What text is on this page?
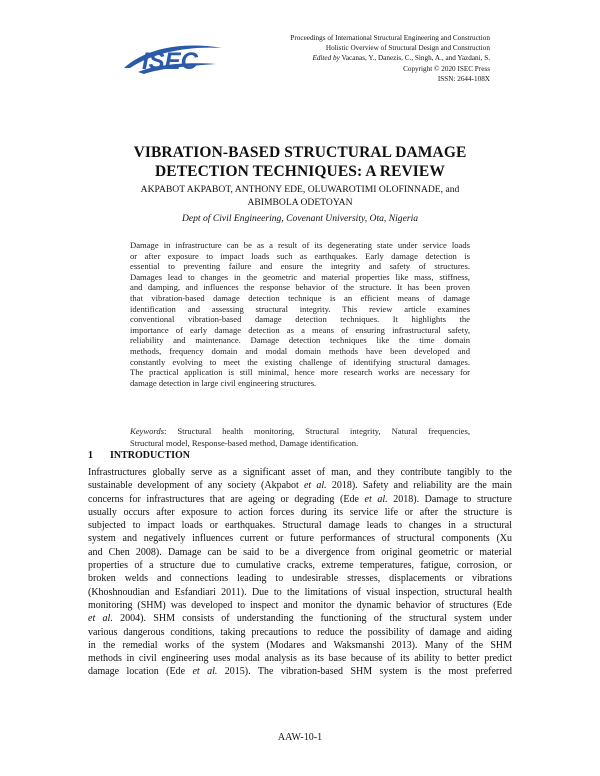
ISEC
Proceedings of International Structural Engineering and Construction
Holistic Overview of Structural Design and Construction
Edited by Vacanas, Y., Danezis, C., Singh, A., and Yazdani, S.
Copyright © 2020 ISEC Press
ISSN: 2644-108X
VIBRATION-BASED STRUCTURAL DAMAGE
DETECTION TECHNIQUES: A REVIEW
AKPABOT AKPABOT, ANTHONY EDE, OLUWAROTIMI OLOFINNADE, and
ABIMBOLA ODETOYAN
Dept of Civil Engineering, Covenant University, Ota, Nigeria
Damage in infrastructure can be as a result of its degenerating state under service loads
or after exposure to impact loads such as earthquakes. Early damage detection is
essential to preventing failure and ensure the integrity and safety of structures.
Damages lead to changes in the geometric and material properties like mass, stiffness,
and damping, and influences the response behavior of the structure. It has been proven
that vibration-based damage detection technique is an efficient means of damage
identification and assessing structural integrity. This review article examines
conventional vibration-based damage detection techniques. It highlights the
importance of early damage detection as a means of ensuring infrastructural safety,
reliability and maintenance. Damage detection techniques like the time domain
methods, frequency domain and modal domain methods have been developed and
constantly evolving to meet the existing challenge of identifying structural damages.
The practical application is still minimal, hence more research works are necessary for
damage detection in large civil engineering structures.
Keywords: Structural health monitoring, Structural integrity, Natural frequencies,
Structural model, Response-based method, Damage identification.
1 INTRODUCTION
Infrastructures globally serve as a significant asset of man, and they contribute tangibly to the
sustainable development of any society (Akpabot et al. 2018). Safety and reliability are the main
concerns for infrastructures that are ageing or degrading (Ede et al. 2018). Damage to structure
usually occurs after exposure to action forces during its service life or after the structure is
subjected to impact loads or earthquakes. Structural damage leads to changes in a structural
system and negatively influences current or future performances of structural components (Xu
and Chen 2008). Damage can be said to be a divergence from original geometric or material
properties of a structure due to cumulative cracks, extreme temperatures, fatigue, corrosion, or
broken welds and connections leading to undesirable stresses, displacements or vibrations
(Khoshnoudian and Esfandiari 2011). Due to the limitations of visual inspection, structural health
monitoring (SHM) was developed to inspect and monitor the dynamic behavior of structures (Ede
et al. 2004). SHM consists of understanding the functioning of the structural system under
various dangerous conditions, taking precautions to reduce the possibility of damage and aiding
in the remedial works of the system (Modares and Waksmanshi 2013). Many of the SHM
methods in civil engineering uses modal analysis as its base because of its ability to better predict
damage location (Ede et al. 2015). The vibration-based SHM system is the most preferred
AAW-10-1
